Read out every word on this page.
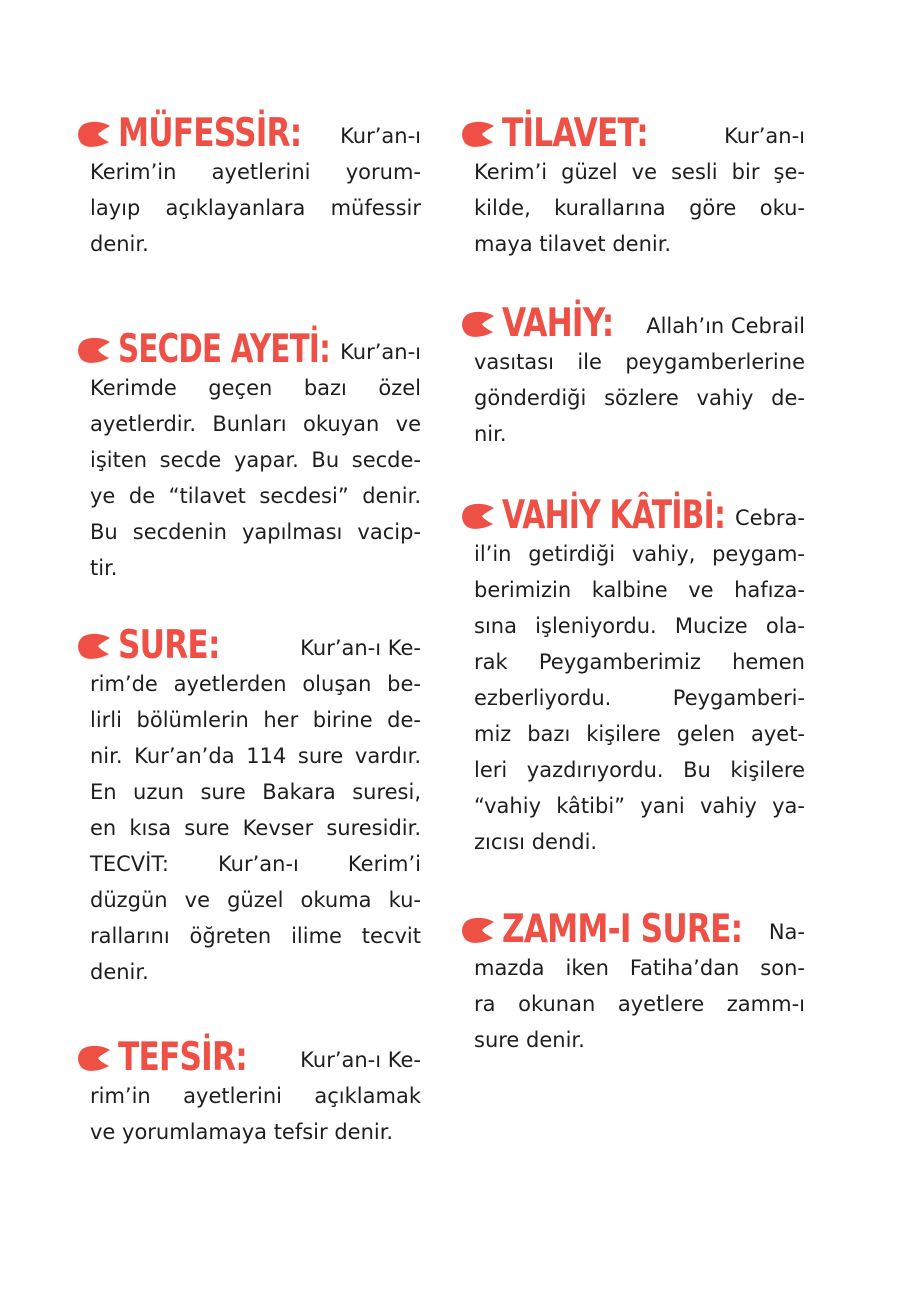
MÜFESSİR: Kur’an-ı
Kerim’in ayetlerini yorum-
layıp açıklayanlara müfessir
denir.
SECDE AYETİ: Kur’an-ı
Kerimde geçen bazı özel
ayetlerdir. Bunları okuyan ve
işiten secde yapar. Bu secde-
ye de “tilavet secdesi” denir.
Bu secdenin yapılması vacip-
tir.
SURE:	Kur’an-ı Ke-
rim’de ayetlerden oluşan be-
lirli bölümlerin her birine de-
nir. Kur’an’da 114 sure vardır.
En uzun sure Bakara suresi,
en kısa sure Kevser suresidir.
TECVİT: Kur’an-ı Kerim’i
düzgün ve güzel okuma ku-
rallarını öğreten ilime tecvit
denir.
TEFSİR:	Kur’an-ı Ke-
rim’in ayetlerini açıklamak
ve yorumlamaya tefsir denir.
TİLAVET:	Kur’an-ı
Kerim’i güzel ve sesli bir şe-
kilde, kurallarına göre oku-
maya tilavet denir.
VAHİY: Allah’ın Cebrail
vasıtası ile peygamberlerine
gönderdiği sözlere vahiy de-
nir.
VAHİY KÂTİBİ: Cebra-
il’in getirdiği vahiy, peygam-
berimizin kalbine ve hafıza-
sına işleniyordu. Mucize ola-
rak Peygamberimiz hemen
ezberliyordu. Peygamberi-
miz bazı kişilere gelen ayet-
leri yazdırıyordu. Bu kişilere
“vahiy kâtibi” yani vahiy ya-
zıcısı dendi.
ZAMM-I SURE: Na-
mazda iken Fatiha’dan son-
ra okunan ayetlere zamm-ı
sure denir.
